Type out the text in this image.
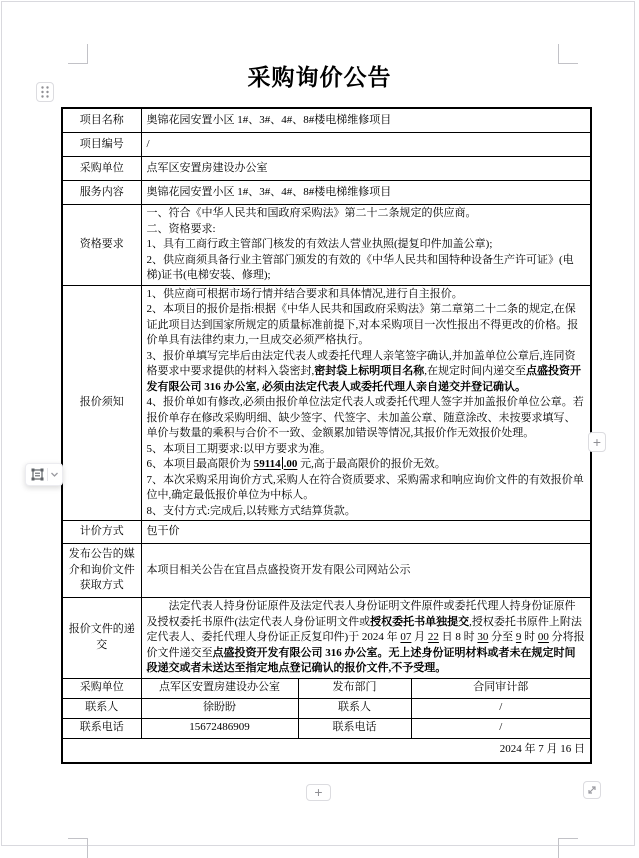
采购询价公告
项目名称	奥锦花园安置小区 1#、3#、4#、8#楼电梯维修项目		
项目编号	/		
采购单位	点军区安置房建设办公室		
服务内容	奥锦花园安置小区 1#、3#、4#、8#楼电梯维修项目		
资格要求	一、符合《中华人民共和国政府采购法》第二十二条规定的供应商。
二、资格要求:
1、具有工商行政主管部门核发的有效法人营业执照(提复印件加盖公章);
2、供应商须具备行业主管部门颁发的有效的《中华人民共和国特种设备生产许可证》(电梯)证书(电梯安装、修理);		

报价须知	
1、供应商可根据市场行情并结合要求和具体情况,进行自主报价。
2、本项目的报价是指:根据《中华人民共和国政府采购法》第二章第二十二条的规定,在保证此项目达到国家所规定的质量标准前提下,对本采购项目一次性报出不得更改的价格。报价单具有法律约束力,一旦成交必须严格执行。
3、报价单填写完毕后由法定代表人或委托代理人亲笔签字确认,并加盖单位公章后,连同资格要求中要求提供的材料入袋密封,密封袋上标明项目名称,在规定时间内递交至点盛投资开发有限公司 316 办公室, 必须由法定代表人或委托代理人亲自递交并登记确认。
4、报价单如有修改,必须由报价单位法定代表人或委托代理人签字并加盖报价单位公章。若报价单存在修改采购明细、缺少签字、代签字、未加盖公章、随意涂改、未按要求填写、单价与数量的乘积与合价不一致、金额累加错误等情况,其报价作无效报价处理。
5、本项目工期要求:以甲方要求为准。
6、本项目最高限价为 59114 .00 元,高于最高限价的报价无效。
7、本次采购采用询价方式,采购人在符合资质要求、采购需求和响应询价文件的有效报价单位中,确定最低报价单位为中标人。
8、支付方式:完成后,以转账方式结算货款。

计价方式	包干价		
发布公告的媒介和询价文件获取方式	本项目相关公告在宜昌点盛投资开发有限公司网站公示		
报价文件的递交	法定代表人持身份证原件及法定代表人身份证明文件原件或委托代理人持身份证原件及授权委托书原件(法定代表人身份证明文件或授权委托书单独提交,授权委托书原件上附法定代表人、委托代理人身份证正反复印件)于 2024 年 07 月 22 日 8 时 30 分至 9 时 00 分将报价文件递交至点盛投资开发有限公司 316 办公室。无上述身份证明材料或者未在规定时间段递交或者未送达至指定地点登记确认的报价文件,不予受理。		

采购单位	点军区安置房建设办公室	发布部门	合同审计部
联系人	徐盼盼	联系人	/
联系电话	15672486909	联系电话	/
2024 年 7 月 16 日			
+
+
